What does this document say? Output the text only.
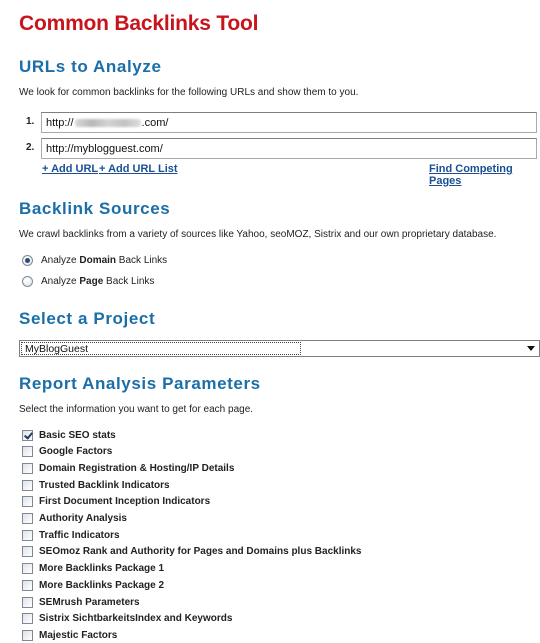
Common Backlinks Tool
URLs to Analyze
We look for common backlinks for the following URLs and show them to you.
1. http://	.com/
2. http://myblogguest.com/
+ Add URL + Add URL List	Find Competing Pages
Backlink Sources
We crawl backlinks from a variety of sources like Yahoo, seoMOZ, Sistrix and our own proprietary database.
Analyze Domain Back Links
Analyze Page Back Links
Select a Project
MyBlogGuest
Report Analysis Parameters
Select the information you want to get for each page.
Basic SEO stats
Google Factors
Domain Registration & Hosting/IP Details
Trusted Backlink Indicators
First Document Inception Indicators
Authority Analysis
Traffic Indicators
SEOmoz Rank and Authority for Pages and Domains plus Backlinks
More Backlinks Package 1
More Backlinks Package 2
SEMrush Parameters
Sistrix SichtbarkeitsIndex and Keywords
Majestic Factors
